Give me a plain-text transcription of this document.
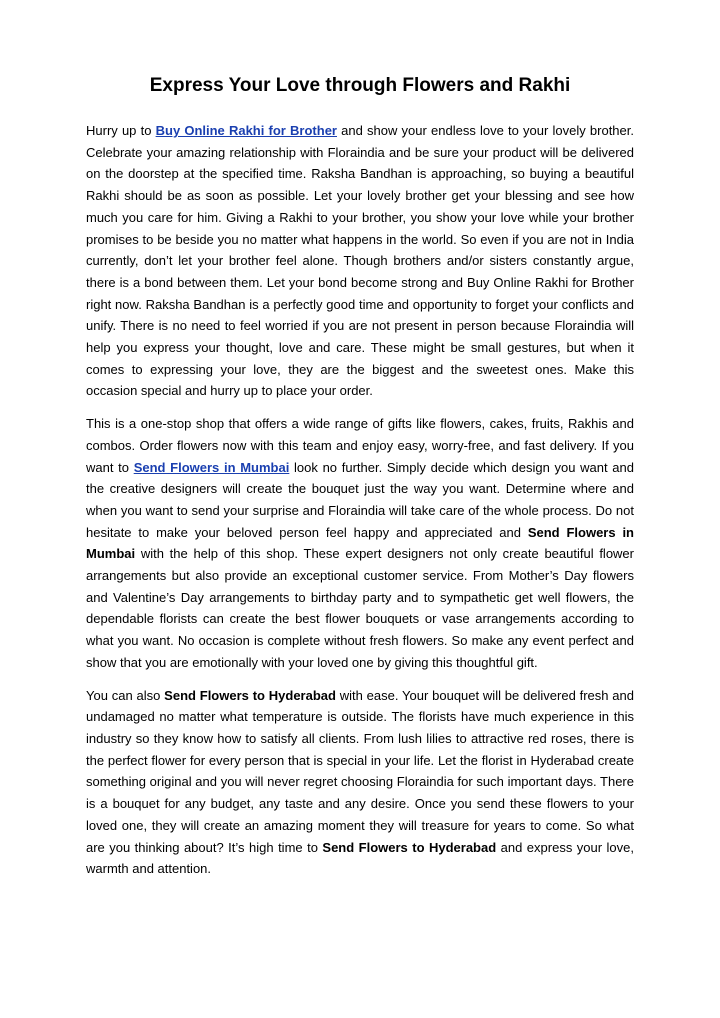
Express Your Love through Flowers and Rakhi

Hurry up to Buy Online Rakhi for Brother and show your endless love to your lovely brother. Celebrate your amazing relationship with Floraindia and be sure your product will be delivered on the doorstep at the specified time. Raksha Bandhan is approaching, so buying a beautiful Rakhi should be as soon as possible. Let your lovely brother get your blessing and see how much you care for him. Giving a Rakhi to your brother, you show your love while your brother promises to be beside you no matter what happens in the world. So even if you are not in India currently, don’t let your brother feel alone. Though brothers and/or sisters constantly argue, there is a bond between them. Let your bond become strong and Buy Online Rakhi for Brother right now. Raksha Bandhan is a perfectly good time and opportunity to forget your conflicts and unify. There is no need to feel worried if you are not present in person because Floraindia will help you express your thought, love and care. These might be small gestures, but when it comes to expressing your love, they are the biggest and the sweetest ones. Make this occasion special and hurry up to place your order.

This is a one-stop shop that offers a wide range of gifts like flowers, cakes, fruits, Rakhis and combos. Order flowers now with this team and enjoy easy, worry-free, and fast delivery. If you want to Send Flowers in Mumbai look no further. Simply decide which design you want and the creative designers will create the bouquet just the way you want. Determine where and when you want to send your surprise and Floraindia will take care of the whole process. Do not hesitate to make your beloved person feel happy and appreciated and Send Flowers in Mumbai with the help of this shop. These expert designers not only create beautiful flower arrangements but also provide an exceptional customer service. From Mother’s Day flowers and Valentine’s Day arrangements to birthday party and to sympathetic get well flowers, the dependable florists can create the best flower bouquets or vase arrangements according to what you want. No occasion is complete without fresh flowers. So make any event perfect and show that you are emotionally with your loved one by giving this thoughtful gift.

You can also Send Flowers to Hyderabad with ease. Your bouquet will be delivered fresh and undamaged no matter what temperature is outside. The florists have much experience in this industry so they know how to satisfy all clients. From lush lilies to attractive red roses, there is the perfect flower for every person that is special in your life. Let the florist in Hyderabad create something original and you will never regret choosing Floraindia for such important days. There is a bouquet for any budget, any taste and any desire. Once you send these flowers to your loved one, they will create an amazing moment they will treasure for years to come. So what are you thinking about? It’s high time to Send Flowers to Hyderabad and express your love, warmth and attention.
